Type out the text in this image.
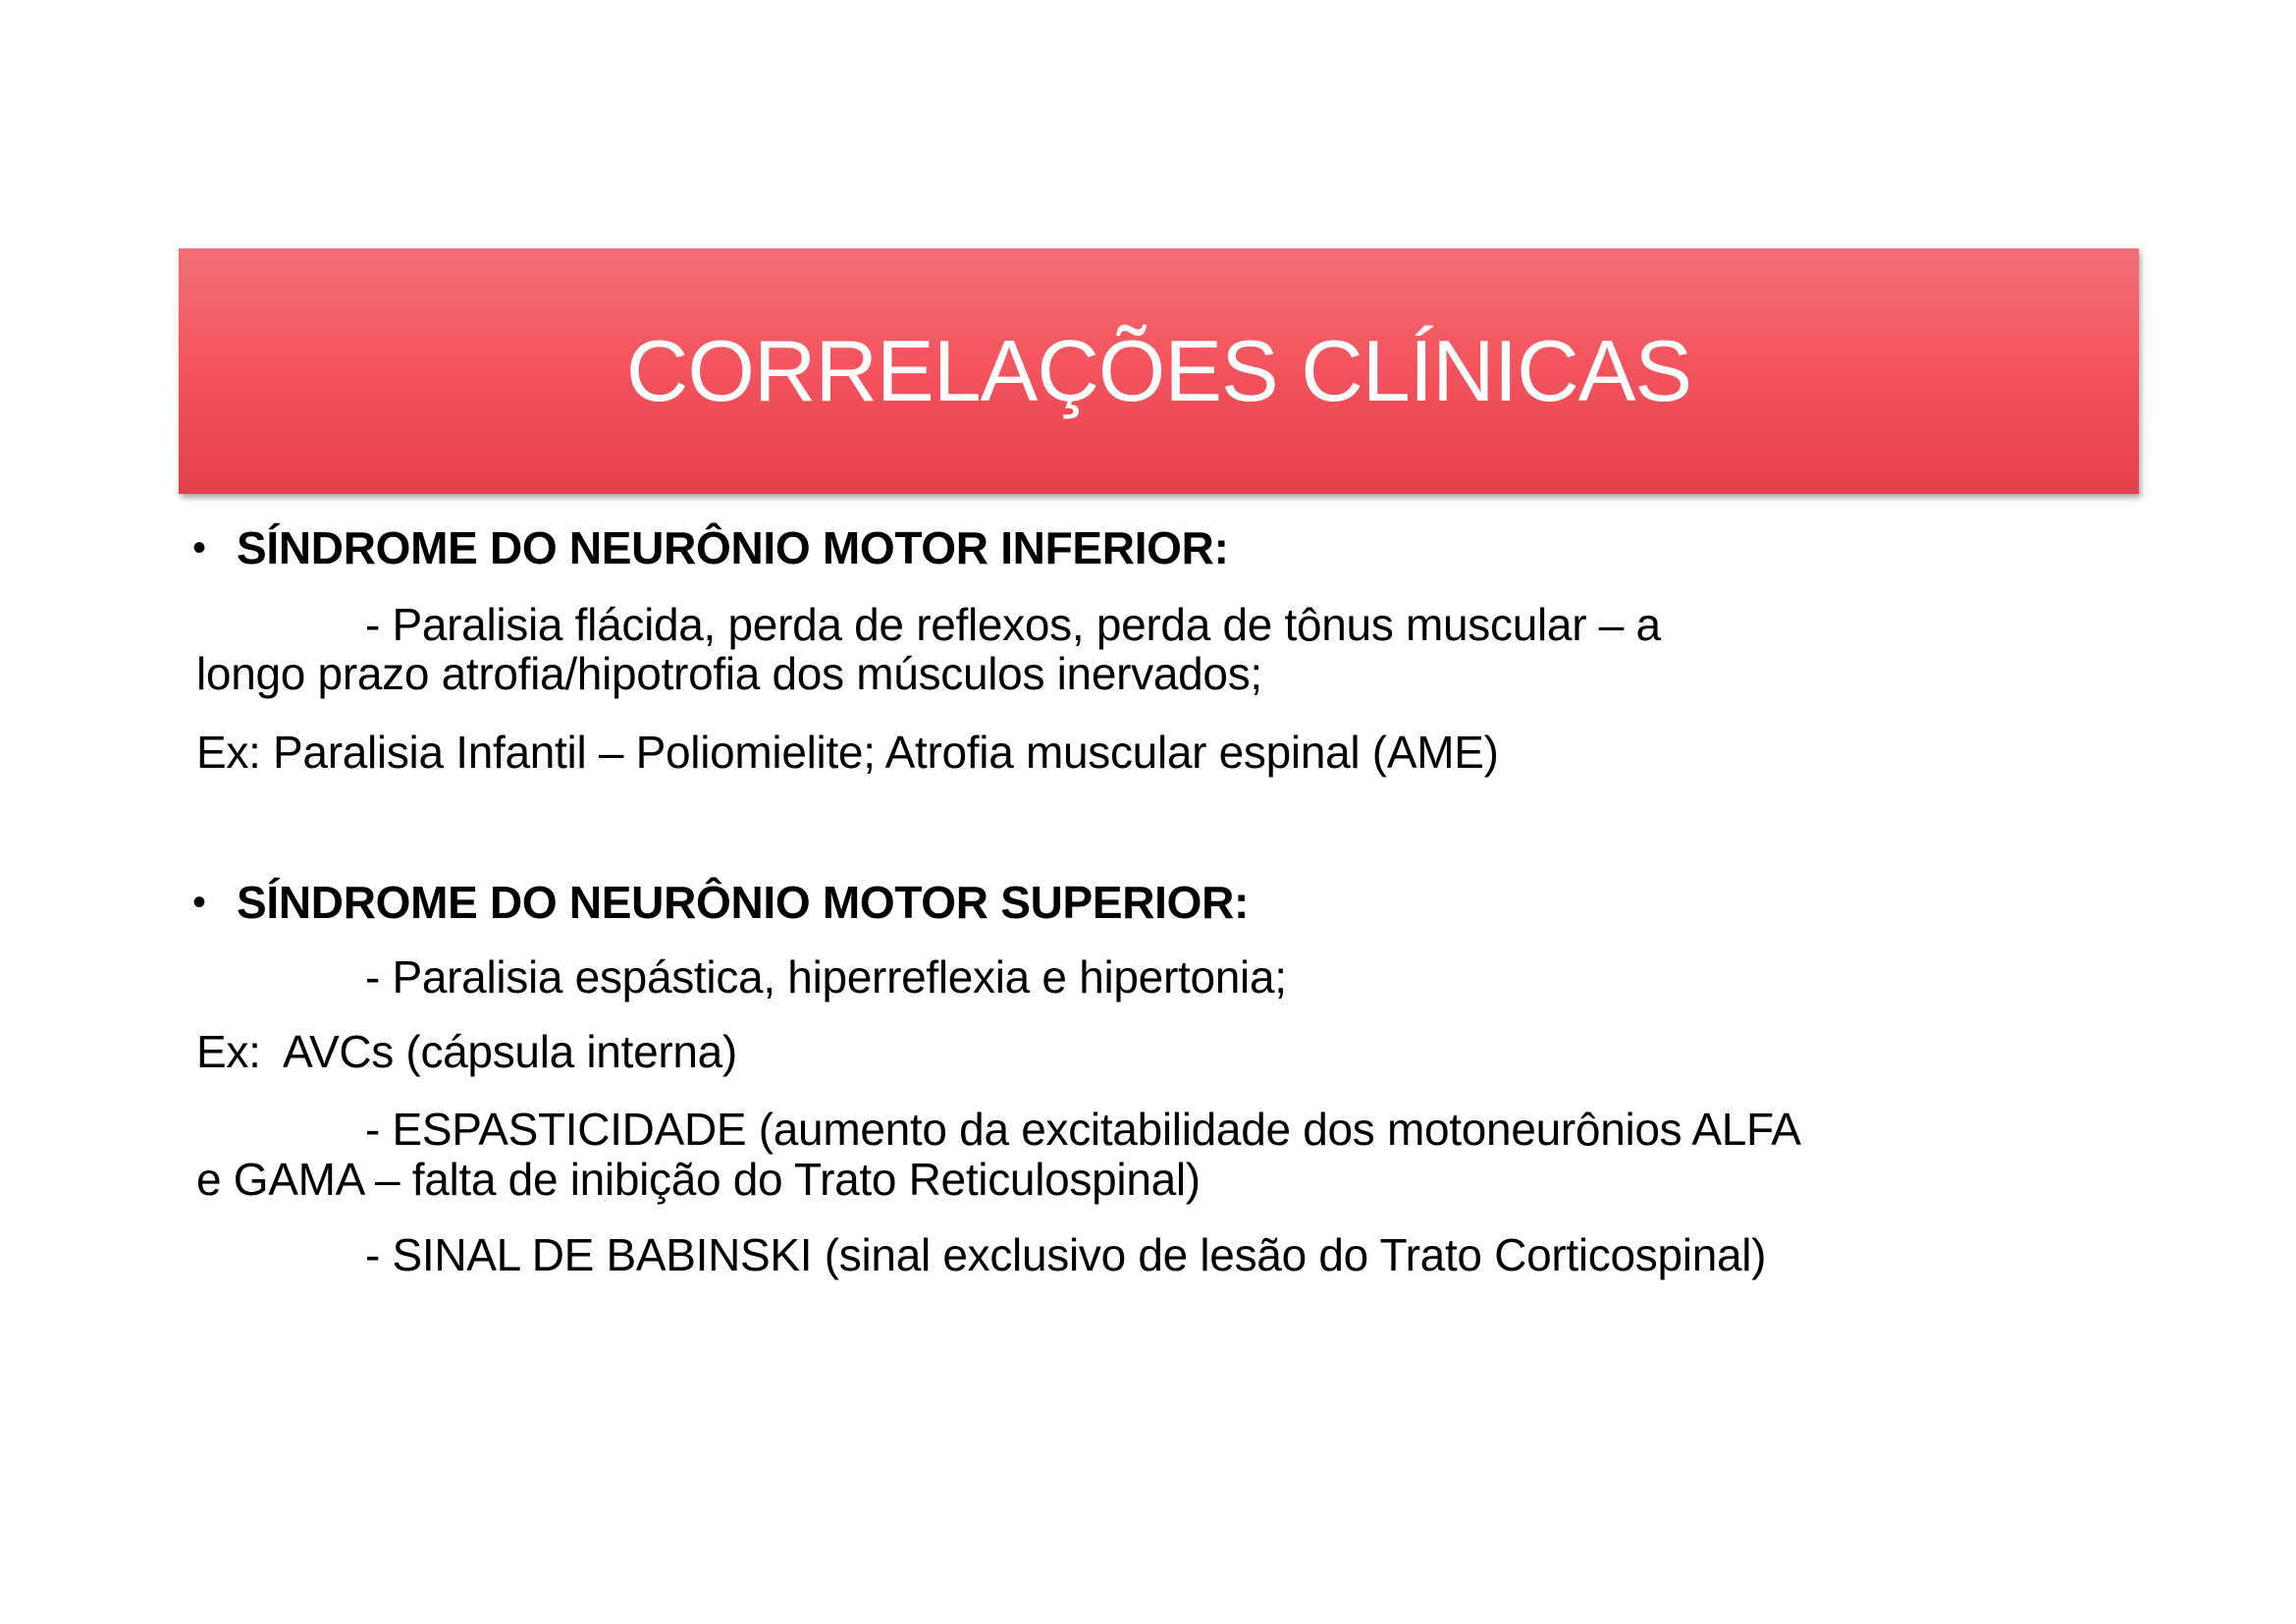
CORRELAÇÕES CLÍNICAS
• SÍNDROME DO NEURÔNIO MOTOR INFERIOR:
- Paralisia flácida, perda de reflexos, perda de tônus muscular – a
longo prazo atrofia/hipotrofia dos músculos inervados;
Ex: Paralisia Infantil – Poliomielite; Atrofia muscular espinal (AME)
• SÍNDROME DO NEURÔNIO MOTOR SUPERIOR:
- Paralisia espástica, hiperreflexia e hipertonia;
Ex:  AVCs (cápsula interna)
- ESPASTICIDADE (aumento da excitabilidade dos motoneurônios ALFA
e GAMA – falta de inibição do Trato Reticulospinal)
- SINAL DE BABINSKI (sinal exclusivo de lesão do Trato Corticospinal)
